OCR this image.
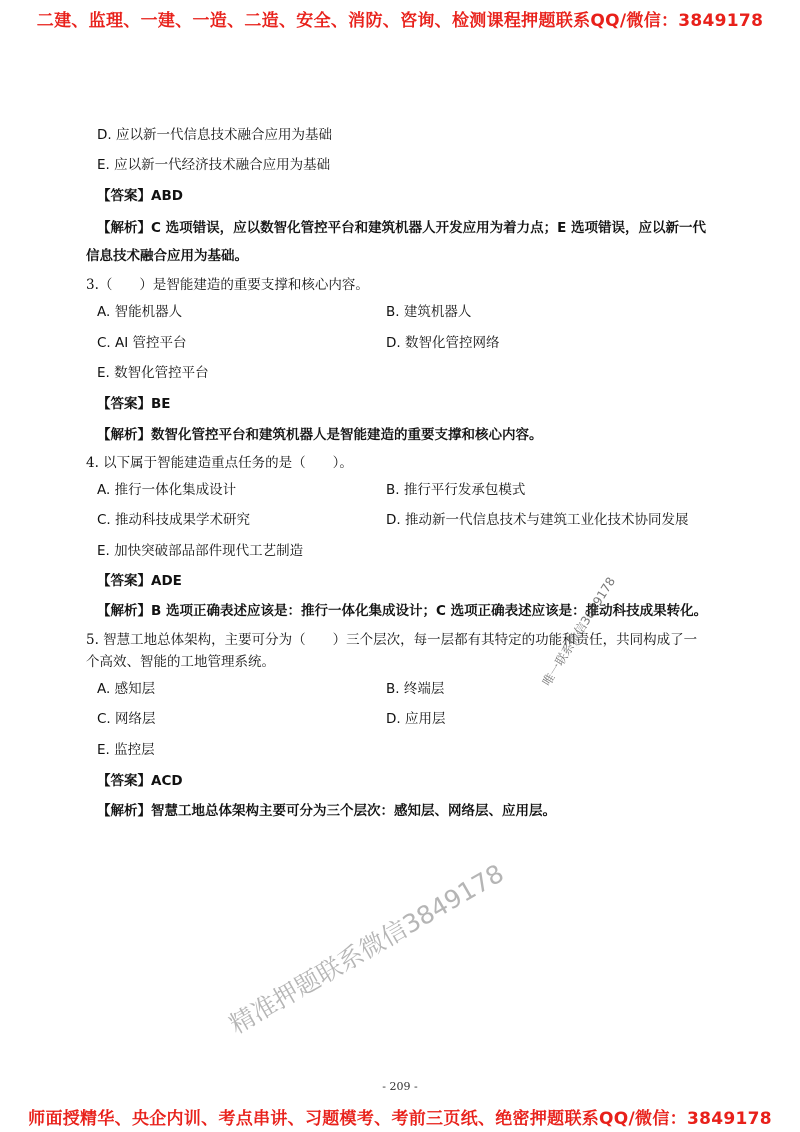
二建、监理、一建、一造、二造、安全、消防、咨询、检测课程押题联系QQ/微信：3849178
D. 应以新一代信息技术融合应用为基础
E. 应以新一代经济技术融合应用为基础
【答案】ABD
【解析】C 选项错误，应以数智化管控平台和建筑机器人开发应用为着力点；E 选项错误，应以新一代
信息技术融合应用为基础。
3.（　　）是智能建造的重要支撑和核心内容。
A. 智能机器人	B. 建筑机器人
C. AI 管控平台	D. 数智化管控网络
E. 数智化管控平台
【答案】BE
【解析】数智化管控平台和建筑机器人是智能建造的重要支撑和核心内容。
4. 以下属于智能建造重点任务的是（　　）。
A. 推行一体化集成设计	B. 推行平行发承包模式
C. 推动科技成果学术研究	D. 推动新一代信息技术与建筑工业化技术协同发展
E. 加快突破部品部件现代工艺制造
【答案】ADE
【解析】B 选项正确表述应该是：推行一体化集成设计；C 选项正确表述应该是：推动科技成果转化。
5. 智慧工地总体架构，主要可分为（　　）三个层次，每一层都有其特定的功能和责任，共同构成了一
个高效、智能的工地管理系统。
A. 感知层	B. 终端层
C. 网络层	D. 应用层
E. 监控层
【答案】ACD
【解析】智慧工地总体架构主要可分为三个层次：感知层、网络层、应用层。
唯一联系微信3849178
精准押题联系微信3849178
- 209 -
师面授精华、央企内训、考点串讲、习题模考、考前三页纸、绝密押题联系QQ/微信：3849178
